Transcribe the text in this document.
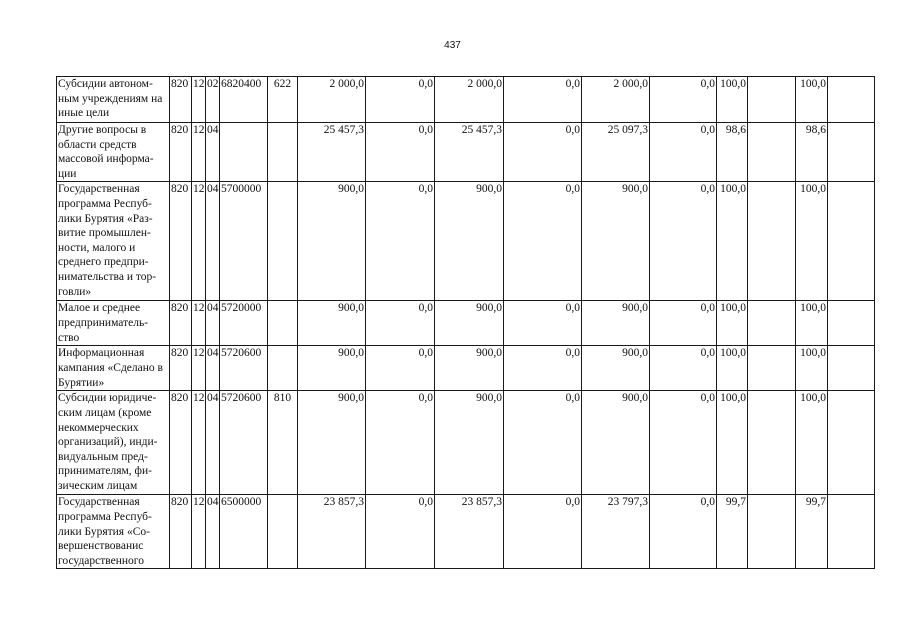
437
Субсидии автоном-ным учреждениям на иные цели	820	12	02	6820400	622	2 000,0	0,0	2 000,0	0,0	2 000,0	0,0	100,0		100,0	
Другие вопросы в области средств массовой информа-ции	820	12	04			25 457,3	0,0	25 457,3	0,0	25 097,3	0,0	98,6		98,6	
Государственная программа Респуб-лики Бурятия «Раз-витие промышлен-ности, малого и среднего предпри-нимательства и тор-говли»	820	12	04	5700000		900,0	0,0	900,0	0,0	900,0	0,0	100,0		100,0	
Малое и среднее предприниматель-ство	820	12	04	5720000		900,0	0,0	900,0	0,0	900,0	0,0	100,0		100,0	
Информационная кампания «Сделано в Бурятии»	820	12	04	5720600		900,0	0,0	900,0	0,0	900,0	0,0	100,0		100,0	
Субсидии юридиче-ским лицам (кроме некоммерческих организаций), инди-видуальным пред-принимателям, фи-зическим лицам	820	12	04	5720600	810	900,0	0,0	900,0	0,0	900,0	0,0	100,0		100,0	
Государственная программа Респуб-лики Бурятия «Со-вершенствованис государственного	820	12	04	6500000		23 857,3	0,0	23 857,3	0,0	23 797,3	0,0	99,7		99,7	
